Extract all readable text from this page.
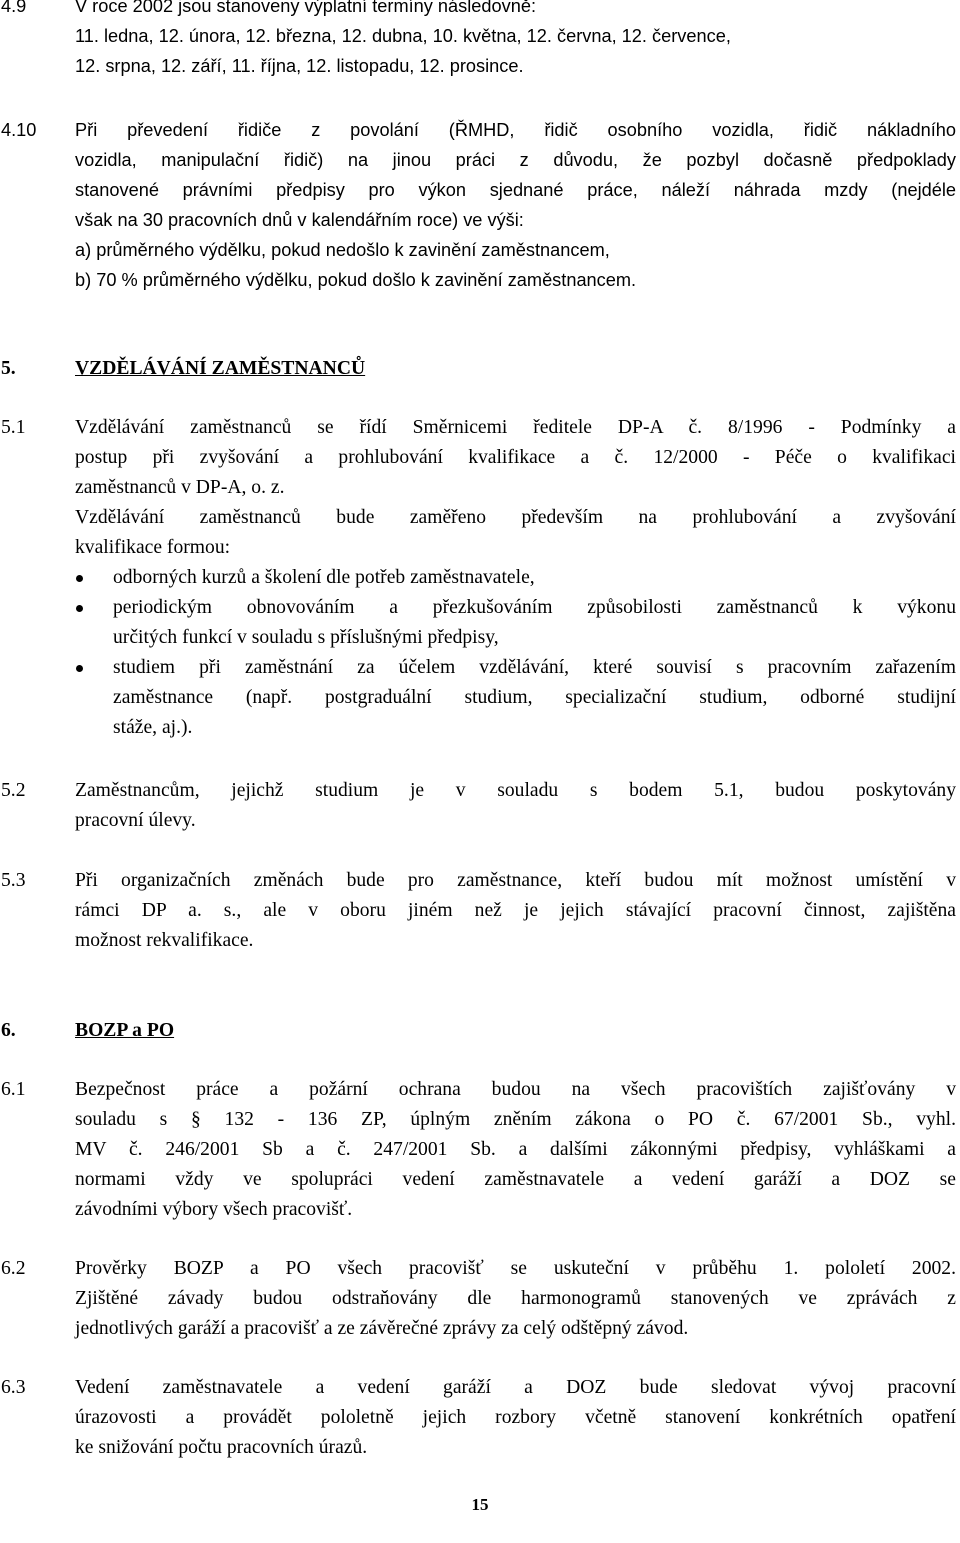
4.9	V roce 2002 jsou stanoveny výplatní termíny následovně:
11. ledna, 12. února, 12. března, 12. dubna, 10. května, 12. června, 12. července,
12. srpna, 12. září, 11. října, 12. listopadu, 12. prosince.
4.10 Při převedení řidiče z povolání (ŘMHD, řidič osobního vozidla, řidič nákladního
vozidla, manipulační řidič) na jinou práci z důvodu, že pozbyl dočasně předpoklady
stanovené právními předpisy pro výkon sjednané práce, náleží náhrada mzdy (nejdéle
však na 30 pracovních dnů v kalendářním roce) ve výši:
a) průměrného výdělku, pokud nedošlo k zavinění zaměstnancem,
b) 70 % průměrného výdělku, pokud došlo k zavinění zaměstnancem.
5.	VZDĚLÁVÁNÍ ZAMĚSTNANCŮ
5.1	Vzdělávání zaměstnanců se řídí Směrnicemi ředitele DP-A č. 8/1996 - Podmínky a
postup při zvyšování a prohlubování kvalifikace a č. 12/2000 - Péče o kvalifikaci
zaměstnanců v DP-A, o. z.
Vzdělávání zaměstnanců bude zaměřeno především na prohlubování a zvyšování
kvalifikace formou:
odborných kurzů a školení dle potřeb zaměstnavatele,
periodickým obnovováním a přezkušováním způsobilosti zaměstnanců k výkonu
určitých funkcí v souladu s příslušnými předpisy,
studiem při zaměstnání za účelem vzdělávání, které souvisí s pracovním zařazením
zaměstnance (např. postgraduální studium, specializační studium, odborné studijní
stáže, aj.).
5.2	Zaměstnancům, jejichž studium je v souladu s bodem 5.1, budou poskytovány
pracovní úlevy.
5.3	Při organizačních změnách bude pro zaměstnance, kteří budou mít možnost umístění v
rámci DP a. s., ale v oboru jiném než je jejich stávající pracovní činnost, zajištěna
možnost rekvalifikace.
6.	BOZP a PO
6.1	Bezpečnost práce a požární ochrana budou na všech pracovištích zajišťovány v
souladu s § 132 - 136 ZP, úplným zněním zákona o PO č. 67/2001 Sb., vyhl.
MV č. 246/2001 Sb a č. 247/2001 Sb. a dalšími zákonnými předpisy, vyhláškami a
normami vždy ve spolupráci vedení zaměstnavatele a vedení garáží a DOZ se
závodními výbory všech pracovišť.
6.2	Prověrky BOZP a PO všech pracovišť se uskuteční v průběhu 1. pololetí 2002.
Zjištěné závady budou odstraňovány dle harmonogramů stanovených ve zprávách z
jednotlivých garáží a pracovišť a ze závěrečné zprávy za celý odštěpný závod.
6.3	Vedení zaměstnavatele a vedení garáží a DOZ bude sledovat vývoj pracovní
úrazovosti a provádět pololetně jejich rozbory včetně stanovení konkrétních opatření
ke snižování počtu pracovních úrazů.
15
